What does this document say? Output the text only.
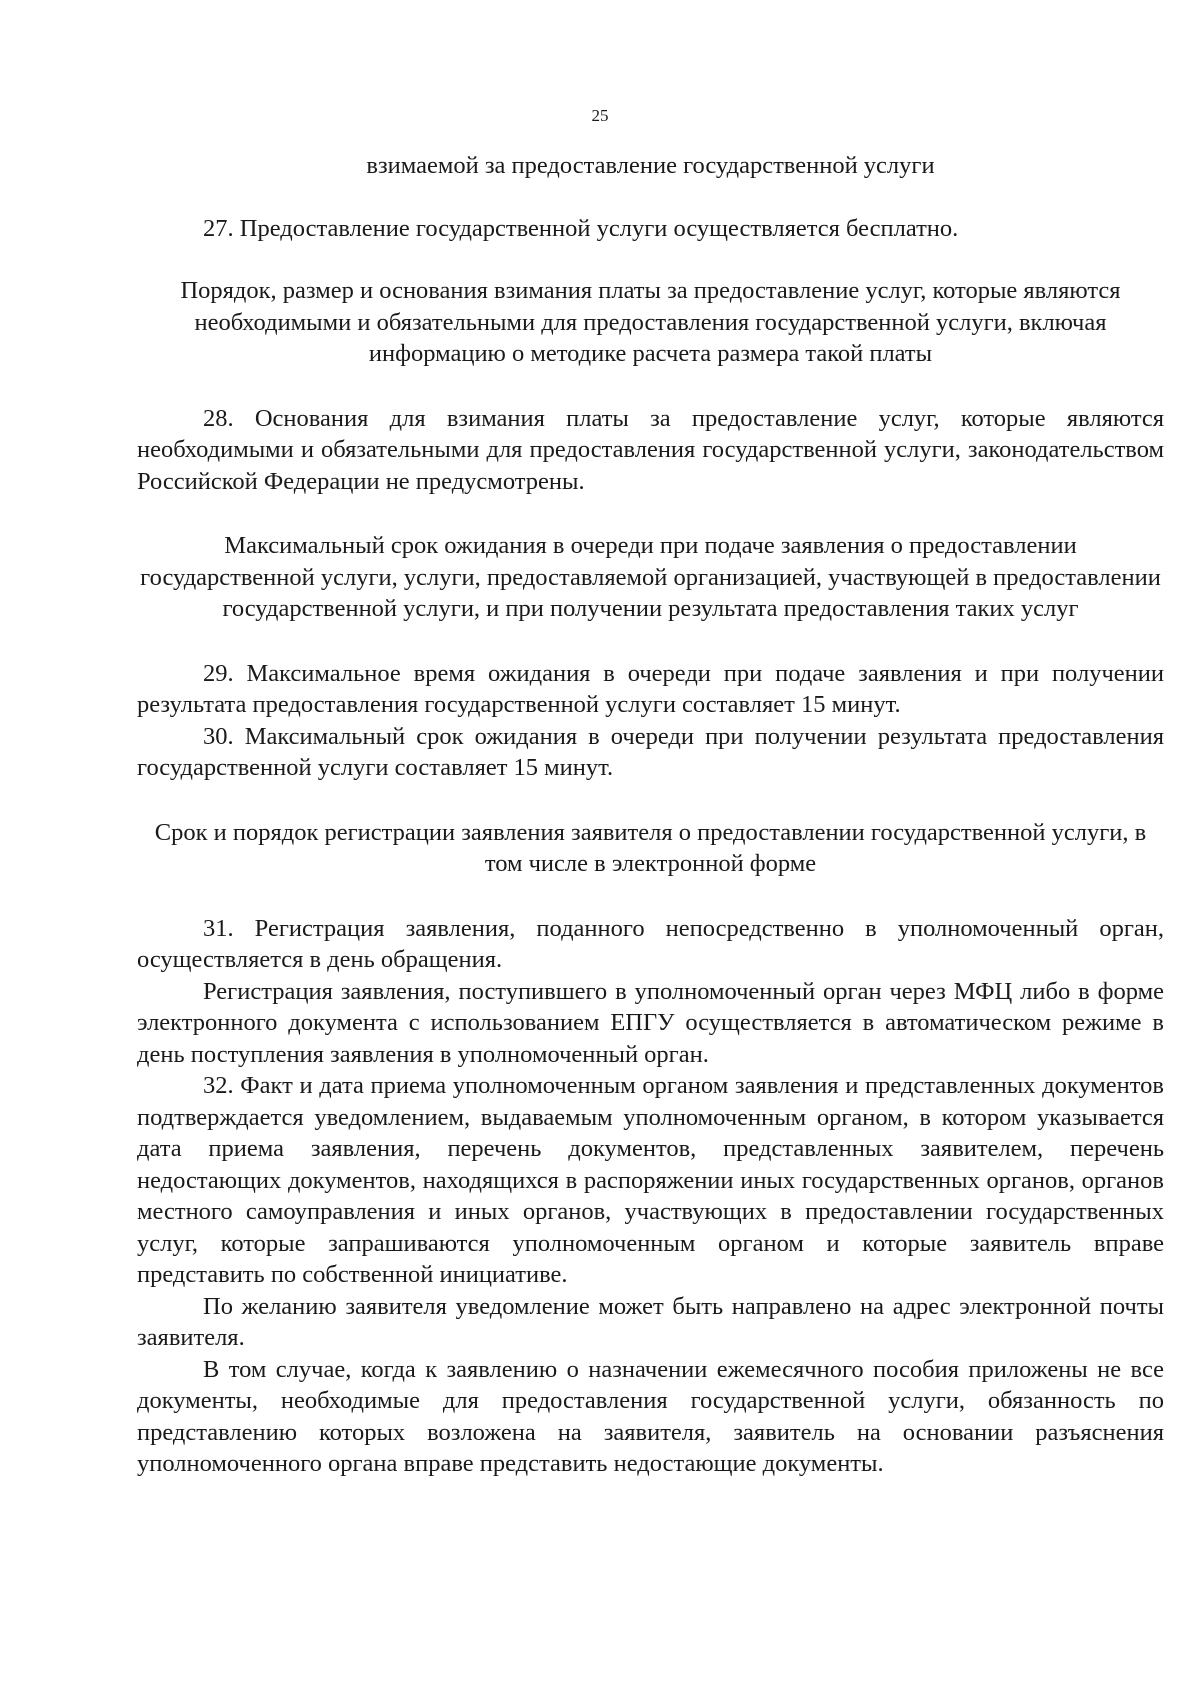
25

взимаемой за предоставление государственной услуги

27. Предоставление государственной услуги осуществляется бесплатно.

Порядок, размер и основания взимания платы за предоставление услуг, которые являются необходимыми и обязательными для предоставления государственной услуги, включая информацию о методике расчета размера такой платы

28. Основания для взимания платы за предоставление услуг, которые являются необходимыми и обязательными для предоставления государственной услуги, законодательством Российской Федерации не предусмотрены.

Максимальный срок ожидания в очереди при подаче заявления о предоставлении государственной услуги, услуги, предоставляемой организацией, участвующей в предоставлении государственной услуги, и при получении результата предоставления таких услуг

29. Максимальное время ожидания в очереди при подаче заявления и при получении результата предоставления государственной услуги составляет 15 минут.

30. Максимальный срок ожидания в очереди при получении результата предоставления государственной услуги составляет 15 минут.

Срок и порядок регистрации заявления заявителя о предоставлении государственной услуги, в том числе в электронной форме

31. Регистрация заявления, поданного непосредственно в уполномоченный орган, осуществляется в день обращения.

Регистрация заявления, поступившего в уполномоченный орган через МФЦ либо в форме электронного документа с использованием ЕПГУ осуществляется в автоматическом режиме в день поступления заявления в уполномоченный орган.

32. Факт и дата приема уполномоченным органом заявления и представленных документов подтверждается уведомлением, выдаваемым уполномоченным органом, в котором указывается дата приема заявления, перечень документов, представленных заявителем, перечень недостающих документов, находящихся в распоряжении иных государственных органов, органов местного самоуправления и иных органов, участвующих в предоставлении государственных услуг, которые запрашиваются уполномоченным органом и которые заявитель вправе представить по собственной инициативе.

По желанию заявителя уведомление может быть направлено на адрес электронной почты заявителя.

В том случае, когда к заявлению о назначении ежемесячного пособия приложены не все документы, необходимые для предоставления государственной услуги, обязанность по представлению которых возложена на заявителя, заявитель на основании разъяснения уполномоченного органа вправе представить недостающие документы.
